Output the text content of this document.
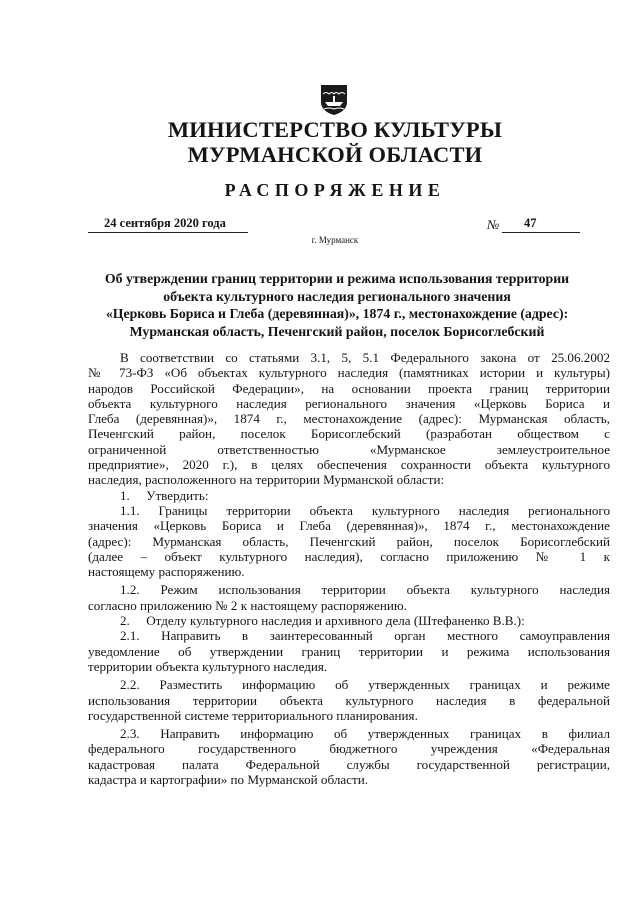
МИНИСТЕРСТВО КУЛЬТУРЫ
МУРМАНСКОЙ ОБЛАСТИ
РАСПОРЯЖЕНИЕ
24 сентября 2020 года	№	47
г. Мурманск
Об утверждении границ территории и режима использования территории
объекта культурного наследия регионального значения
«Церковь Бориса и Глеба (деревянная)», 1874 г., местонахождение (адрес):
Мурманская область, Печенгский район, поселок Борисоглебский
В соответствии со статьями 3.1, 5, 5.1 Федерального закона от 25.06.2002
№ 73-ФЗ «Об объектах культурного наследия (памятниках истории и культуры)
народов Российской Федерации», на основании проекта границ территории
объекта культурного наследия регионального значения «Церковь Бориса и
Глеба (деревянная)», 1874 г., местонахождение (адрес): Мурманская область,
Печенгский район, поселок Борисоглебский (разработан обществом с
ограниченной ответственностью «Мурманское землеустроительное
предприятие», 2020 г.), в целях обеспечения сохранности объекта культурного
наследия, расположенного на территории Мурманской области:
1.     Утвердить:
1.1. Границы территории объекта культурного наследия регионального
значения «Церковь Бориса и Глеба (деревянная)», 1874 г., местонахождение
(адрес): Мурманская область, Печенгский район, поселок Борисоглебский
(далее – объект культурного наследия), согласно приложению № 1 к
настоящему распоряжению.
1.2. Режим использования территории объекта культурного наследия
согласно приложению № 2 к настоящему распоряжению.
2.     Отделу культурного наследия и архивного дела (Штефаненко В.В.):
2.1. Направить в заинтересованный орган местного самоуправления
уведомление об утверждении границ территории и режима использования
территории объекта культурного наследия.
2.2. Разместить информацию об утвержденных границах и режиме
использования территории объекта культурного наследия в федеральной
государственной системе территориального планирования.
2.3. Направить информацию об утвержденных границах в филиал
федерального государственного бюджетного учреждения «Федеральная
кадастровая палата Федеральной службы государственной регистрации,
кадастра и картографии» по Мурманской области.
